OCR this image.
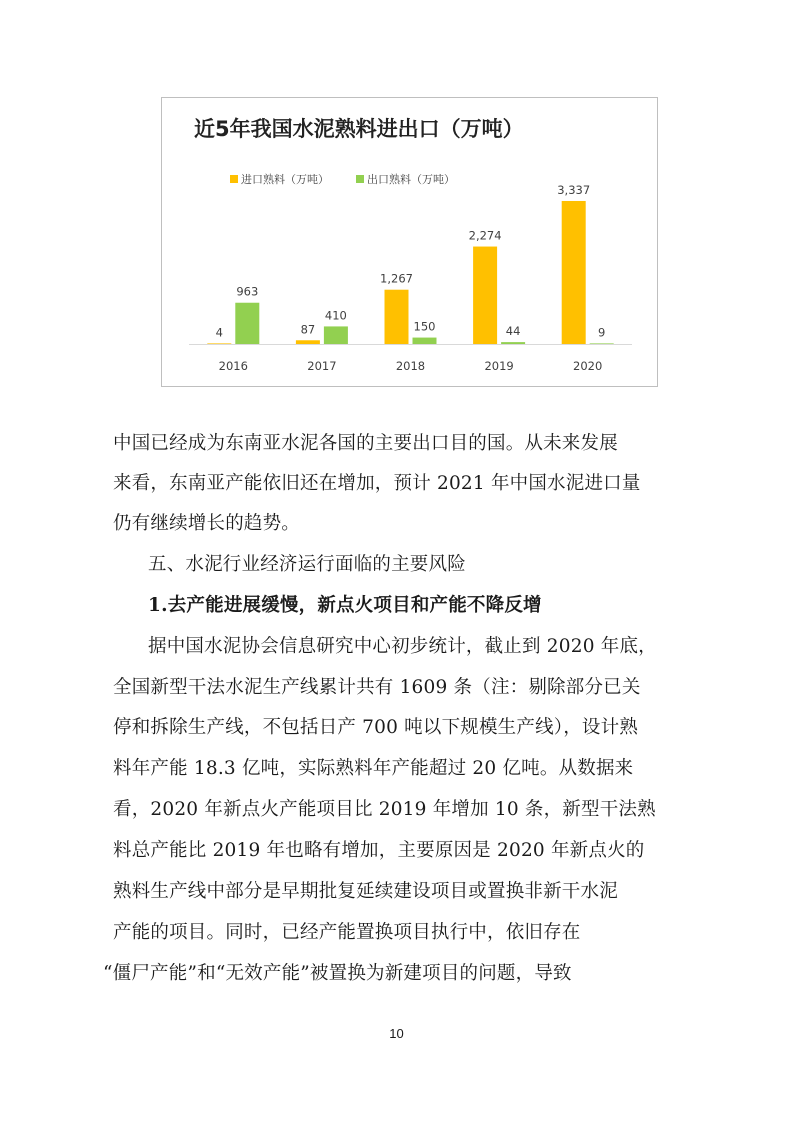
近5年我国水泥熟料进出口（万吨）
进口熟料（万吨）	出口熟料（万吨）
4
963
2016
87
410
2017
1,267
150
2018
2,274
44
2019
3,337
9
2020
中国已经成为东南亚水泥各国的主要出口目的国。从未来发展
来看，东南亚产能依旧还在增加，预计 2021 年中国水泥进口量
仍有继续增长的趋势。
五、水泥行业经济运行面临的主要风险
1.去产能进展缓慢，新点火项目和产能不降反增
据中国水泥协会信息研究中心初步统计，截止到 2020 年底，
全国新型干法水泥生产线累计共有 1609 条（注：剔除部分已关
停和拆除生产线，不包括日产 700 吨以下规模生产线），设计熟
料年产能 18.3 亿吨，实际熟料年产能超过 20 亿吨。从数据来
看，2020 年新点火产能项目比 2019 年增加 10 条，新型干法熟
料总产能比 2019 年也略有增加，主要原因是 2020 年新点火的
熟料生产线中部分是早期批复延续建设项目或置换非新干水泥
产能的项目。同时，已经产能置换项目执行中，依旧存在
“僵尸产能”和“无效产能”被置换为新建项目的问题，导致
10
